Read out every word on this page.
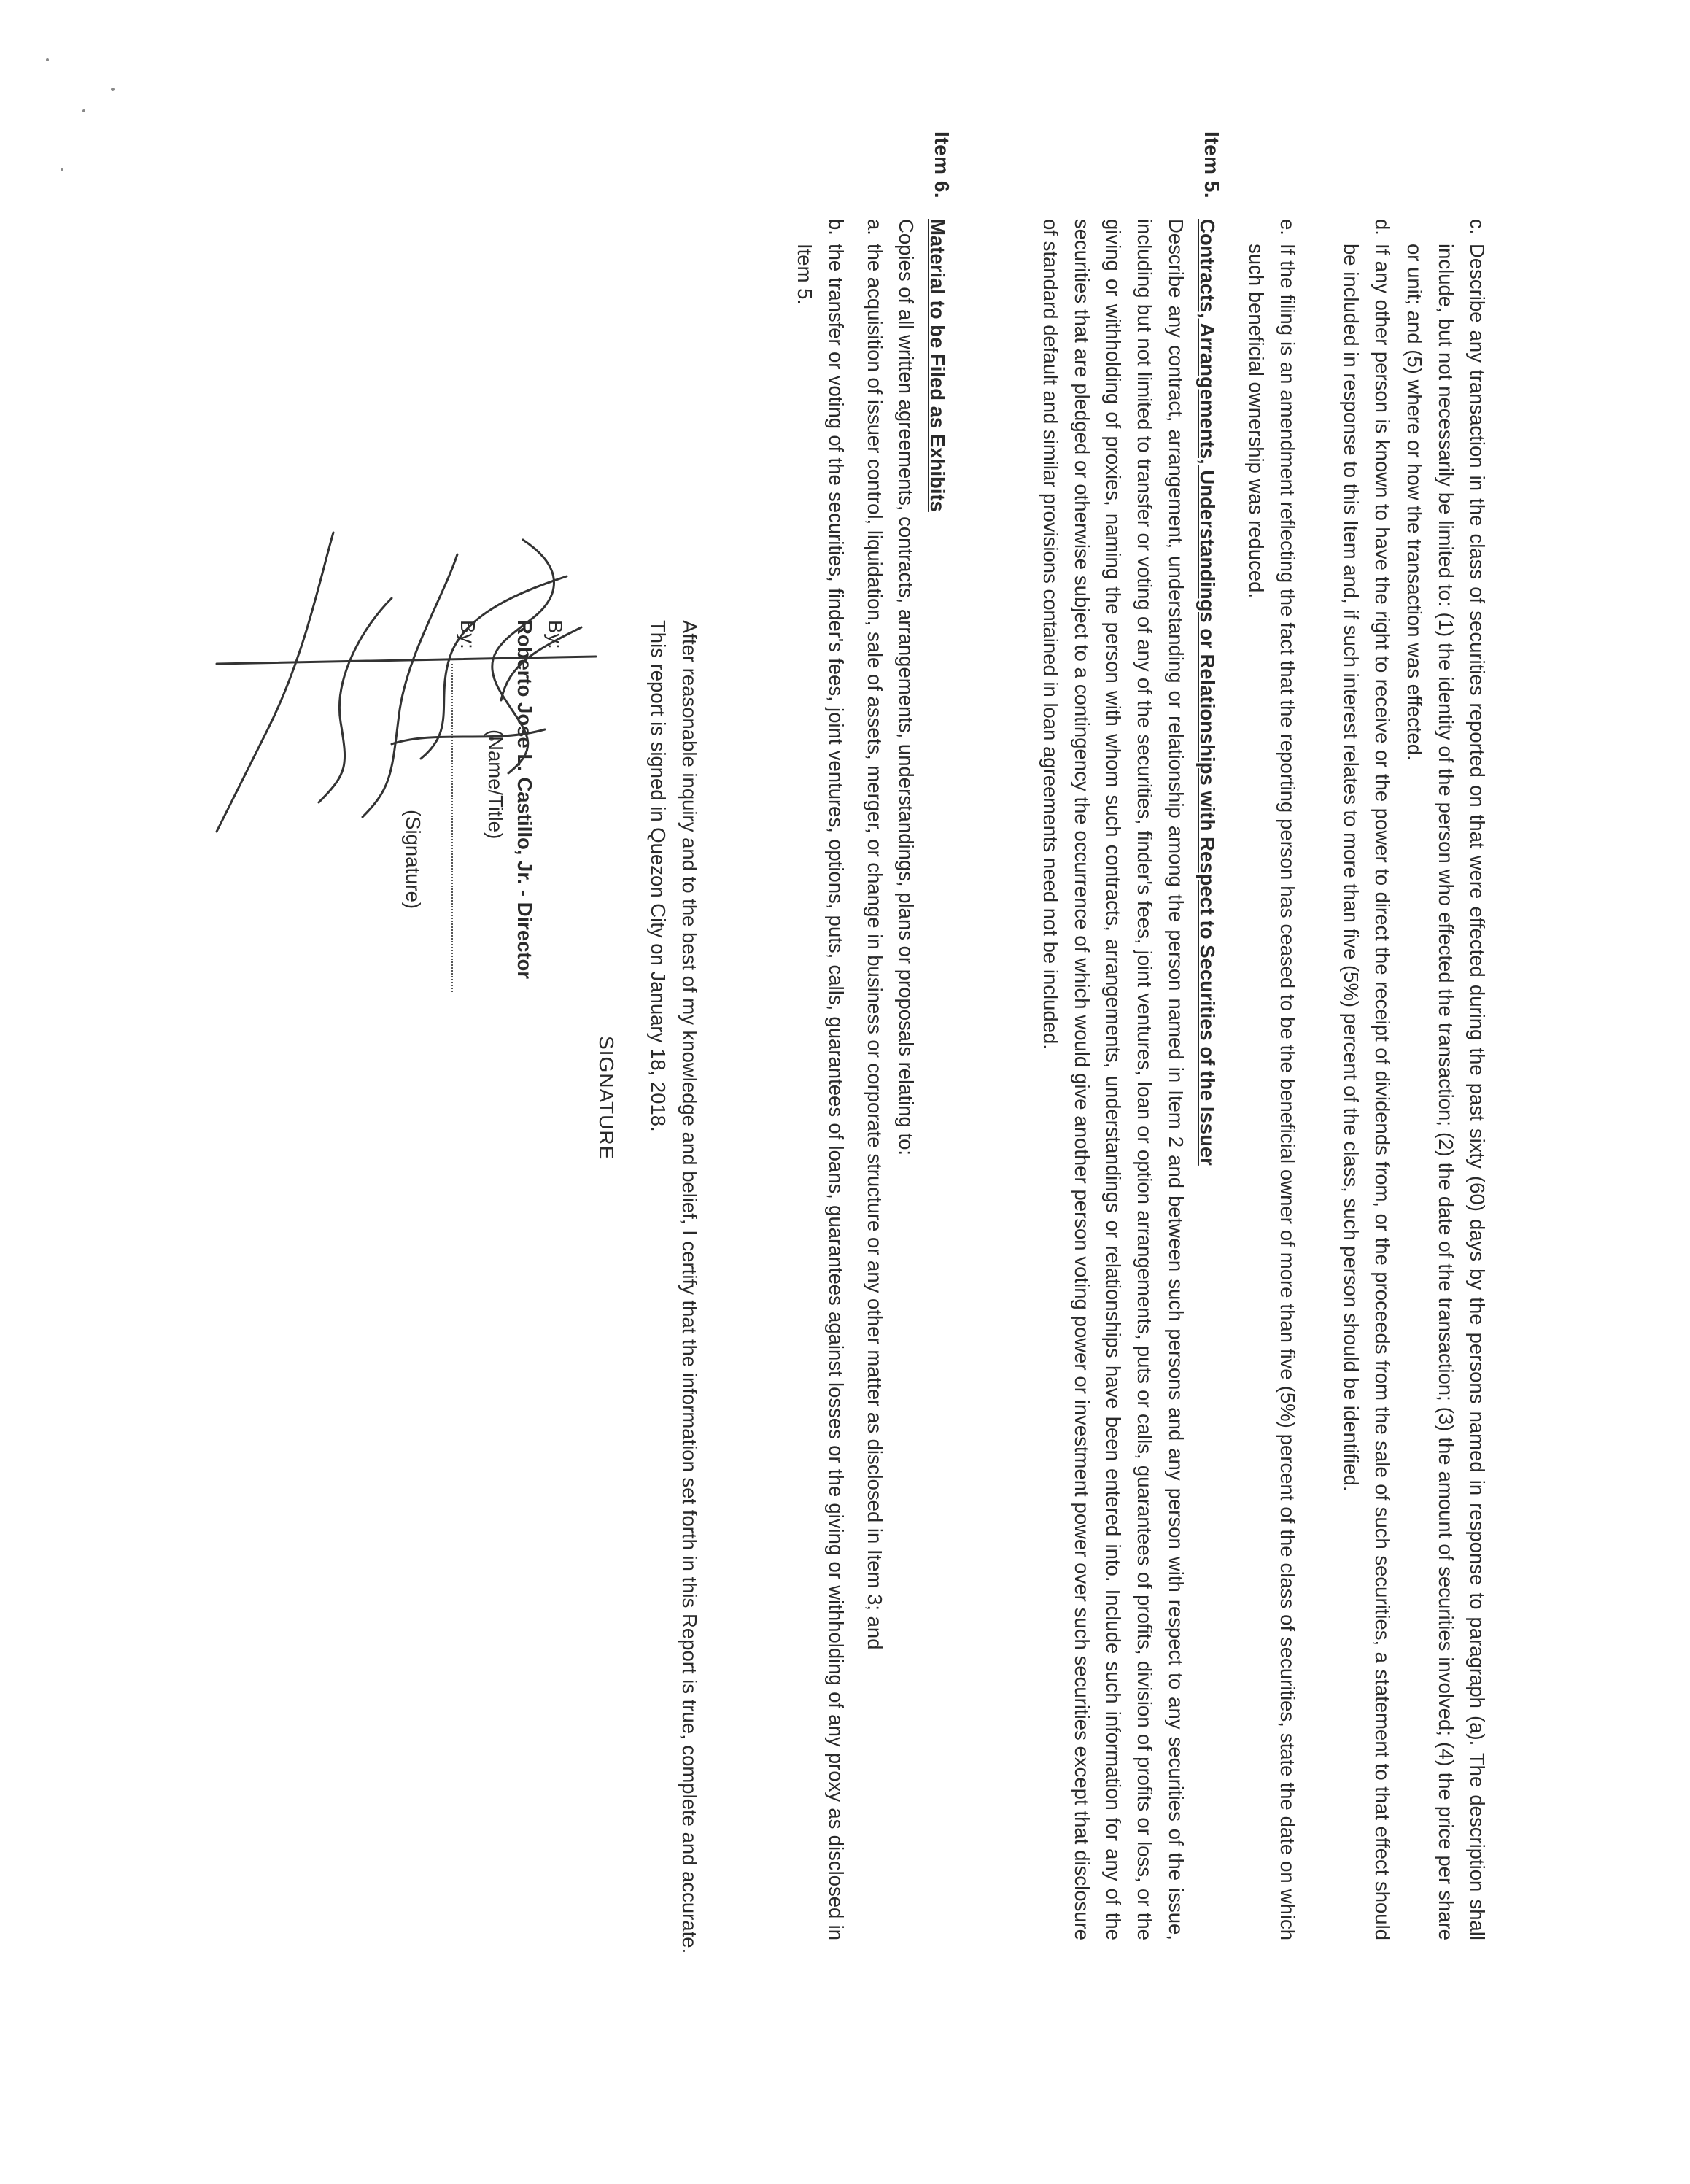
c.
Describe any transaction in the class of securities reported on that were effected during the past sixty (60) days by the persons named in response to paragraph (a). The description shall include, but not necessarily be limited to: (1) the identity of the person who effected the transaction; (2) the date of the transaction; (3) the amount of securities involved; (4) the price per share or unit; and (5) where or how the transaction was effected.
d.
If any other person is known to have the right to receive or the power to direct the receipt of dividends from, or the proceeds from the sale of such securities, a statement to that effect should be included in response to this Item and, if such interest relates to more than five (5%) percent of the class, such person should be identified.
e.
If the filing is an amendment reflecting the fact that the reporting person has ceased to be the beneficial owner of more than five (5%) percent of the class of securities, state the date on which such beneficial ownership was reduced.
Item 5.
Contracts, Arrangements, Understandings or Relationships with Respect to Securities of the Issuer
Describe any contract, arrangement, understanding or relationship among the person named in Item 2 and between such persons and any person with respect to any securities of the issue, including but not limited to transfer or voting of any of the securities, finder's fees, joint ventures, loan or option arrangements, puts or calls, guarantees of profits, division of profits or loss, or the giving or withholding of proxies, naming the person with whom such contracts, arrangements, understandings or relationships have been entered into. Include such information for any of the securities that are pledged or otherwise subject to a contingency the occurrence of which would give another person voting power or investment power over such securities except that disclosure of standard default and similar provisions contained in loan agreements need not be included.
Item 6.
Material to be Filed as Exhibits
Copies of all written agreements, contracts, arrangements, understandings, plans or proposals relating to:
a.
the acquisition of issuer control, liquidation, sale of assets, merger, or change in business or corporate structure or any other matter as disclosed in Item 3; and
b.
the transfer or voting of the securities, finder's fees, joint ventures, options, puts, calls, guarantees of loans, guarantees against losses or the giving or withholding of any proxy as disclosed in Item 5.
SIGNATURE	After reasonable inquiry and to the best of my knowledge and belief, I certify that the information set forth in this Report is true, complete and accurate.
This report is signed in Quezon City on January 18, 2018.
By:
Roberto Jose L. Castillo, Jr. - Director
(Name/Title)
By:
(Signature)
